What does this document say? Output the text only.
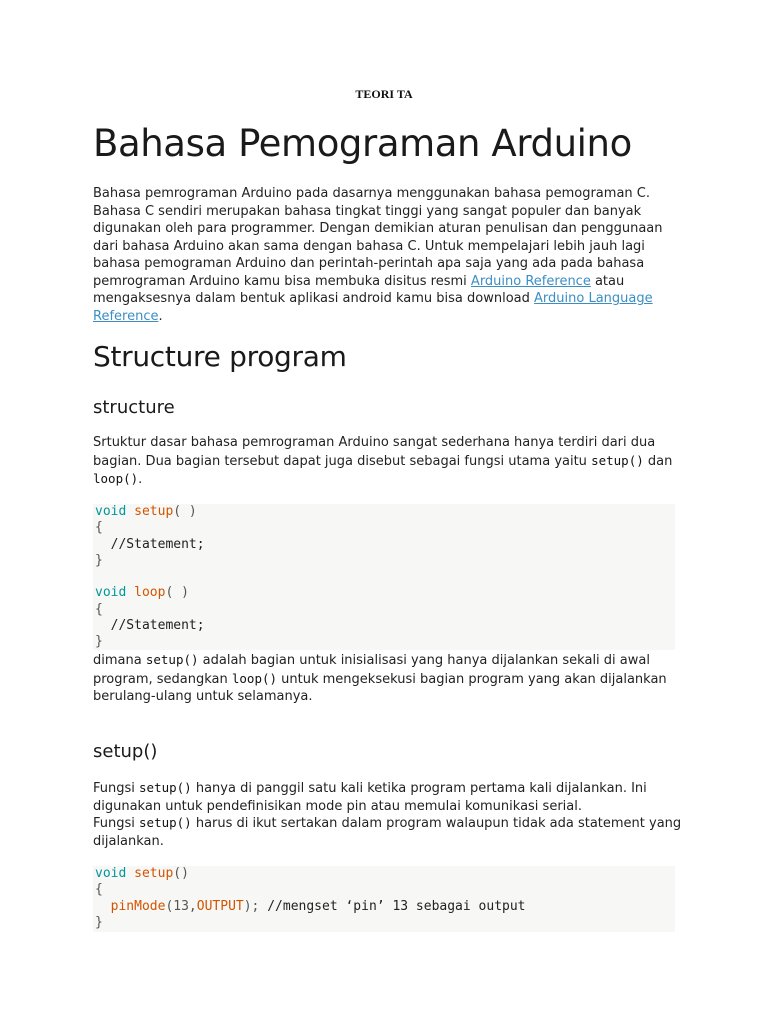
TEORI TA
Bahasa Pemograman Arduino

Bahasa pemrograman Arduino pada dasarnya menggunakan bahasa pemograman C. Bahasa C sendiri merupakan bahasa tingkat tinggi yang sangat populer dan banyak digunakan oleh para programmer. Dengan demikian aturan penulisan dan penggunaan dari bahasa Arduino akan sama dengan bahasa C. Untuk mempelajari lebih jauh lagi bahasa pemograman Arduino dan perintah-perintah apa saja yang ada pada bahasa pemrograman Arduino kamu bisa membuka disitus resmi Arduino Reference atau mengaksesnya dalam bentuk aplikasi android kamu bisa download Arduino Language Reference.

Structure program
structure

Srtuktur dasar bahasa pemrograman Arduino sangat sederhana hanya terdiri dari dua bagian. Dua bagian tersebut dapat juga disebut sebagai fungsi utama yaitu setup() dan loop().

void setup( )
{
//Statement;
}
void loop( )
{
//Statement;
}

dimana setup() adalah bagian untuk inisialisasi yang hanya dijalankan sekali di awal program, sedangkan loop() untuk mengeksekusi bagian program yang akan dijalankan berulang-ulang untuk selamanya.

setup()

Fungsi setup() hanya di panggil satu kali ketika program pertama kali dijalankan. Ini digunakan untuk pendefinisikan mode pin atau memulai komunikasi serial.

Fungsi setup() harus di ikut sertakan dalam program walaupun tidak ada statement yang dijalankan.

void setup()
{
pinMode(13,OUTPUT); //mengset ‘pin’ 13 sebagai output
}
